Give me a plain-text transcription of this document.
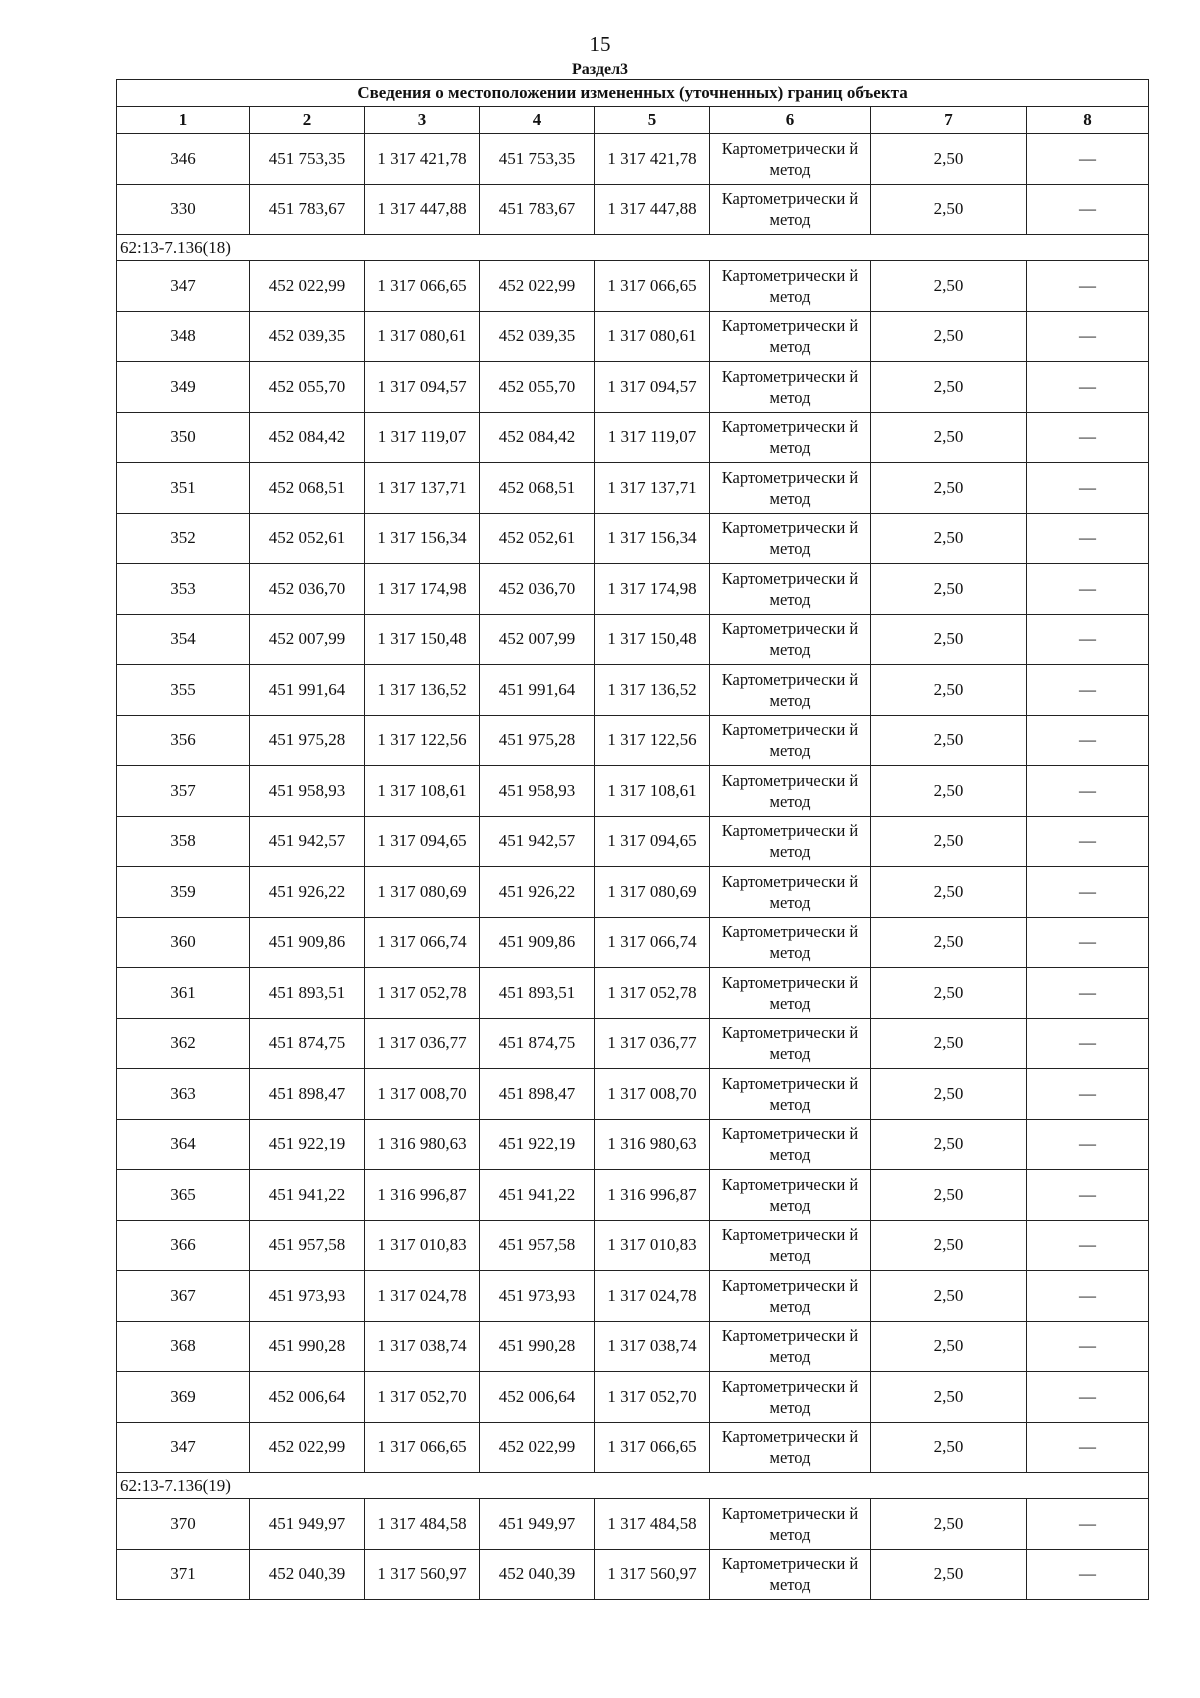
15
Раздел3
Сведения о местоположении измененных (уточненных) границ объекта							
1	2	3	4	5	6	7	8
346	451 753,35	1 317 421,78	451 753,35	1 317 421,78	Картометрически й метод	2,50	—
330	451 783,67	1 317 447,88	451 783,67	1 317 447,88	Картометрически й метод	2,50	—
62:13-7.136(18)							
347	452 022,99	1 317 066,65	452 022,99	1 317 066,65	Картометрически й метод	2,50	—
348	452 039,35	1 317 080,61	452 039,35	1 317 080,61	Картометрически й метод	2,50	—
349	452 055,70	1 317 094,57	452 055,70	1 317 094,57	Картометрически й метод	2,50	—
350	452 084,42	1 317 119,07	452 084,42	1 317 119,07	Картометрически й метод	2,50	—
351	452 068,51	1 317 137,71	452 068,51	1 317 137,71	Картометрически й метод	2,50	—
352	452 052,61	1 317 156,34	452 052,61	1 317 156,34	Картометрически й метод	2,50	—
353	452 036,70	1 317 174,98	452 036,70	1 317 174,98	Картометрически й метод	2,50	—
354	452 007,99	1 317 150,48	452 007,99	1 317 150,48	Картометрически й метод	2,50	—
355	451 991,64	1 317 136,52	451 991,64	1 317 136,52	Картометрически й метод	2,50	—
356	451 975,28	1 317 122,56	451 975,28	1 317 122,56	Картометрически й метод	2,50	—
357	451 958,93	1 317 108,61	451 958,93	1 317 108,61	Картометрически й метод	2,50	—
358	451 942,57	1 317 094,65	451 942,57	1 317 094,65	Картометрически й метод	2,50	—
359	451 926,22	1 317 080,69	451 926,22	1 317 080,69	Картометрически й метод	2,50	—
360	451 909,86	1 317 066,74	451 909,86	1 317 066,74	Картометрически й метод	2,50	—
361	451 893,51	1 317 052,78	451 893,51	1 317 052,78	Картометрически й метод	2,50	—
362	451 874,75	1 317 036,77	451 874,75	1 317 036,77	Картометрически й метод	2,50	—
363	451 898,47	1 317 008,70	451 898,47	1 317 008,70	Картометрически й метод	2,50	—
364	451 922,19	1 316 980,63	451 922,19	1 316 980,63	Картометрически й метод	2,50	—
365	451 941,22	1 316 996,87	451 941,22	1 316 996,87	Картометрически й метод	2,50	—
366	451 957,58	1 317 010,83	451 957,58	1 317 010,83	Картометрически й метод	2,50	—
367	451 973,93	1 317 024,78	451 973,93	1 317 024,78	Картометрически й метод	2,50	—
368	451 990,28	1 317 038,74	451 990,28	1 317 038,74	Картометрически й метод	2,50	—
369	452 006,64	1 317 052,70	452 006,64	1 317 052,70	Картометрически й метод	2,50	—
347	452 022,99	1 317 066,65	452 022,99	1 317 066,65	Картометрически й метод	2,50	—
62:13-7.136(19)							
370	451 949,97	1 317 484,58	451 949,97	1 317 484,58	Картометрически й метод	2,50	—
371	452 040,39	1 317 560,97	452 040,39	1 317 560,97	Картометрически й метод	2,50	—
